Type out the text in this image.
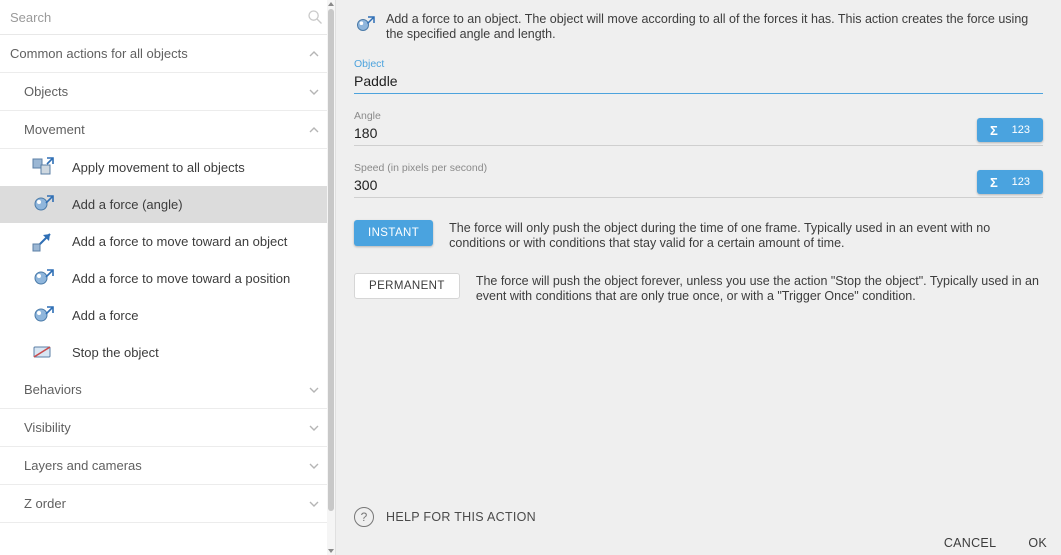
Search
Common actions for all objects
Objects
Movement
Apply movement to all objects
Add a force (angle)
Add a force to move toward an object
Add a force to move toward a position
Add a force
Stop the object
Behaviors
Visibility
Layers and cameras
Z order
Add a force to an object. The object will move according to all of the forces it has. This action creates the force using the specified angle and length.
Object
Paddle
Angle
180	Σ 123
Speed (in pixels per second)
300	Σ 123
INSTANT	The force will only push the object during the time of one frame. Typically used in an event with no conditions or with conditions that stay valid for a certain amount of time.
PERMANENT	The force will push the object forever, unless you use the action "Stop the object". Typically used in an event with conditions that are only true once, or with a "Trigger Once" condition.
?	HELP FOR THIS ACTION
CANCEL	OK
